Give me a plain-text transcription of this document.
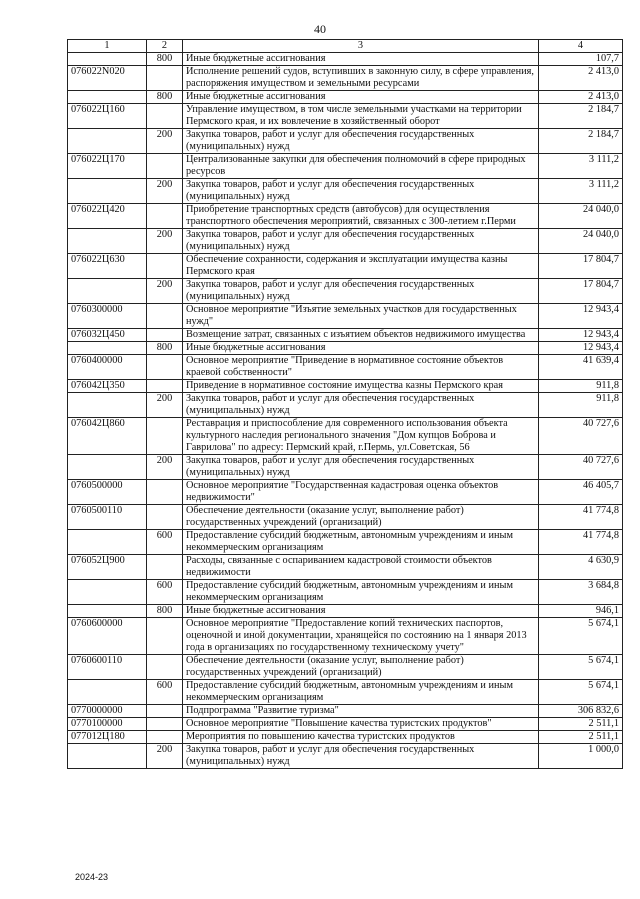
40
1	2	3	4
	800	Иные бюджетные ассигнования	107,7
076022N020		Исполнение решений судов, вступивших в законную силу, в сфере управления, распоряжения имуществом и земельными ресурсами	2 413,0
	800	Иные бюджетные ассигнования	2 413,0
076022Ц160		Управление имуществом, в том числе земельными участками на территории Пермского края, и их вовлечение в хозяйственный оборот	2 184,7
	200	Закупка товаров, работ и услуг для обеспечения государственных (муниципальных) нужд	2 184,7
076022Ц170		Централизованные закупки для обеспечения полномочий в сфере природных ресурсов	3 111,2
	200	Закупка товаров, работ и услуг для обеспечения государственных (муниципальных) нужд	3 111,2
076022Ц420		Приобретение транспортных средств (автобусов) для осуществления транспортного обеспечения мероприятий, связанных с 300-летием г.Перми	24 040,0
	200	Закупка товаров, работ и услуг для обеспечения государственных (муниципальных) нужд	24 040,0
076022Ц630		Обеспечение сохранности, содержания и эксплуатации имущества казны Пермского края	17 804,7
	200	Закупка товаров, работ и услуг для обеспечения государственных (муниципальных) нужд	17 804,7
0760300000		Основное мероприятие "Изъятие земельных участков для государственных нужд"	12 943,4
076032Ц450		Возмещение затрат, связанных с изъятием объектов недвижимого имущества	12 943,4
	800	Иные бюджетные ассигнования	12 943,4
0760400000		Основное мероприятие "Приведение в нормативное состояние объектов краевой собственности"	41 639,4
076042Ц350		Приведение в нормативное состояние имущества казны Пермского края	911,8
	200	Закупка товаров, работ и услуг для обеспечения государственных (муниципальных) нужд	911,8
076042Ц860		Реставрация и приспособление для современного использования объекта культурного наследия регионального значения "Дом купцов Боброва и Гаврилова" по адресу: Пермский край, г.Пермь, ул.Советская, 56	40 727,6
	200	Закупка товаров, работ и услуг для обеспечения государственных (муниципальных) нужд	40 727,6
0760500000		Основное мероприятие "Государственная кадастровая оценка объектов недвижимости"	46 405,7
0760500110		Обеспечение деятельности (оказание услуг, выполнение работ) государственных учреждений (организаций)	41 774,8
	600	Предоставление субсидий бюджетным, автономным учреждениям и иным некоммерческим организациям	41 774,8
076052Ц900		Расходы, связанные с оспариванием кадастровой стоимости объектов недвижимости	4 630,9
	600	Предоставление субсидий бюджетным, автономным учреждениям и иным некоммерческим организациям	3 684,8
	800	Иные бюджетные ассигнования	946,1
0760600000		Основное мероприятие "Предоставление копий технических паспортов, оценочной и иной документации, хранящейся по состоянию на 1 января 2013 года в организациях по государственному техническому учету"	5 674,1
0760600110		Обеспечение деятельности (оказание услуг, выполнение работ) государственных учреждений (организаций)	5 674,1
	600	Предоставление субсидий бюджетным, автономным учреждениям и иным некоммерческим организациям	5 674,1
0770000000		Подпрограмма "Развитие туризма"	306 832,6
0770100000		Основное мероприятие "Повышение качества туристских продуктов"	2 511,1
077012Ц180		Мероприятия по повышению качества туристских продуктов	2 511,1
	200	Закупка товаров, работ и услуг для обеспечения государственных (муниципальных) нужд	1 000,0
2024-23
